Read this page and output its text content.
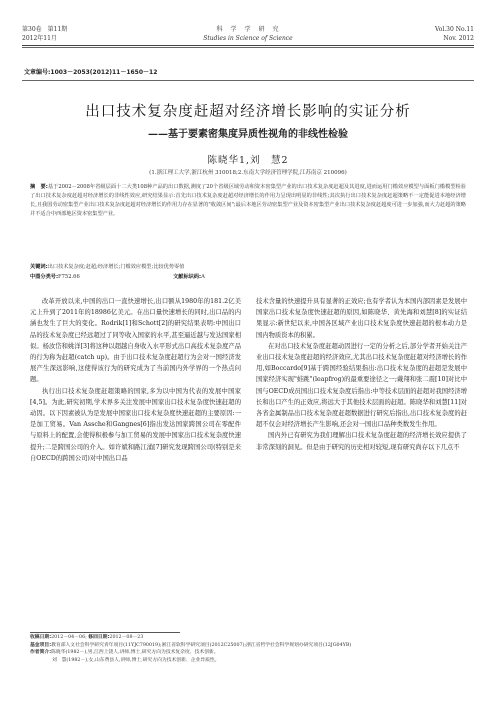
第30卷　第11期
2012年11月
科　学　学　研　究
Studies in Science of Science
Vol.30 No.11
Nov. 2012
文章编号:1003－2053(2012)11－1650－12
出口技术复杂度赶超对经济增长影响的实证分析
——基于要素密集度异质性视角的非线性检验
陈晓华1,刘　慧2
(1.浙江理工大学,浙江杭州 310018;2.东南大学经济管理学院,江苏南京 210096)
摘　要:基于2002－2008年省级层面十二大类108种产品的出口数据,测度了20个省级区域劳动和资本密集型产业的出口技术复杂度赶超及其进度,进而运用门槛效应模型与面板门槛模型检验了出口技术复杂度赶超对经济增长的非线性效应,研究结果显示:首先出口技术复杂度赶超对经济增长的作用力呈现出明显的非线性;其次执行出口技术复杂度赶超策略不一定能促进本地经济增长,且我国劳动密集型产业出口技术复杂度赶超对经济增长的作用力存在显著的"收敛区间";最后本地区劳动密集型产业及资本密集型产业出口技术复杂度赶超度可进一步加强,而大力赶超的策略并不适合中西部地区资本密集型产业。
关键词:出口技术复杂度;赶超;经济增长;门槛效应模型;比较优势零值
中图分类号:F752.66	文献标识码:A

改革开放以来,中国的出口一直快速增长,出口额从1980年的181.2亿美元上升到了2011年的18986亿美元。在出口量快速增长的同时,出口品的内涵也发生了巨大的变化。Rodrik[1]和Schott[2]的研究结果表明:中国出口品的技术复杂度已经远超过了同等收入国家的水平,甚至逼近越与发达国家相似。杨汝岱和姚洋[3]将这种以超越自身收入水平形式出口高技术复杂度产品的行为称为赶超(catch up)。由于出口技术复杂度赶超行为会对一国经济发展产生深远影响,这使得该行为的研究成为了当前国内外学界的一个热点问题。

执行出口技术复杂度赶超策略的国家,多为以中国为代表的发展中国家[4,5]。为此,研究初期,学术界多关注发展中国家出口技术复杂度快速赶超的动因。以下因素被认为是发展中国家出口技术复杂度快速赶超的主要原因:一是加工贸易。Van Assche和Gangnes[6]指出发达国家跨国公司在零配件与原料上的配置,会使得积极参与加工贸易的发展中国家出口技术复杂度快速提升;二是跨国公司的介入。如许斌和路江涌[7]研究发现跨国公司(特别是来自OECD的跨国公司)对中国出口品

技术含量的快速提升具有显著的正效应;也有学者认为本国内部因素是发展中国家出口技术复杂度快速赶超的原因,如陈晓华、黄先海和刘慧[8]的实证结果显示:新世纪以来,中国各区域产业出口技术复杂度快速赶超的根本动力是国内物质资本的积累。

在对出口技术复杂度赶超动因进行一定的分析之后,部分学者开始关注产业出口技术复杂度赶超的经济效应,尤其出口技术复杂度赶超对经济增长的作用,如Boccardo[9]基于跨国经验结果指出:出口技术复杂度的赶超是发展中国家经济实现"蛙跳"(leapfrog)的最重要途径之一;戴翔和张二震[10]对比中国与OECD成员国出口技术复杂度后指出:中等技术层面的赶超对我国经济增长和出口产生的正效应,将远大于其他技术层面的赶超。陈晓华和刘慧[11]对各省金属制品出口技术复杂度赶超数据进行研究后指出,出口技术复杂度的赶超不仅会对经济增长产生影响,还会对一国出口品种类数发生作用。

国内外已有研究为我们理解出口技术复杂度赶超的经济增长效应提供了非常深刻的洞见。但是由于研究的历史相对较短,现有研究尚存以下几点不

收稿日期:2012－04－06; 修回日期:2012－08－23
基金项目:教育部人文社会科学研究青年项目(11YJC790019);浙江省软科学研究项目(2012C25007);浙江省哲学社会科学规划办研究项目(12JG04YB)
作者简介:陈晓华(1982－),男,江西上饶人,讲师,博士,研究方向为技术复杂度、技术创新。
刘　慧(1982－),女,山东费县人,讲师,博士,研究方向为技术创新、企业异质性。
